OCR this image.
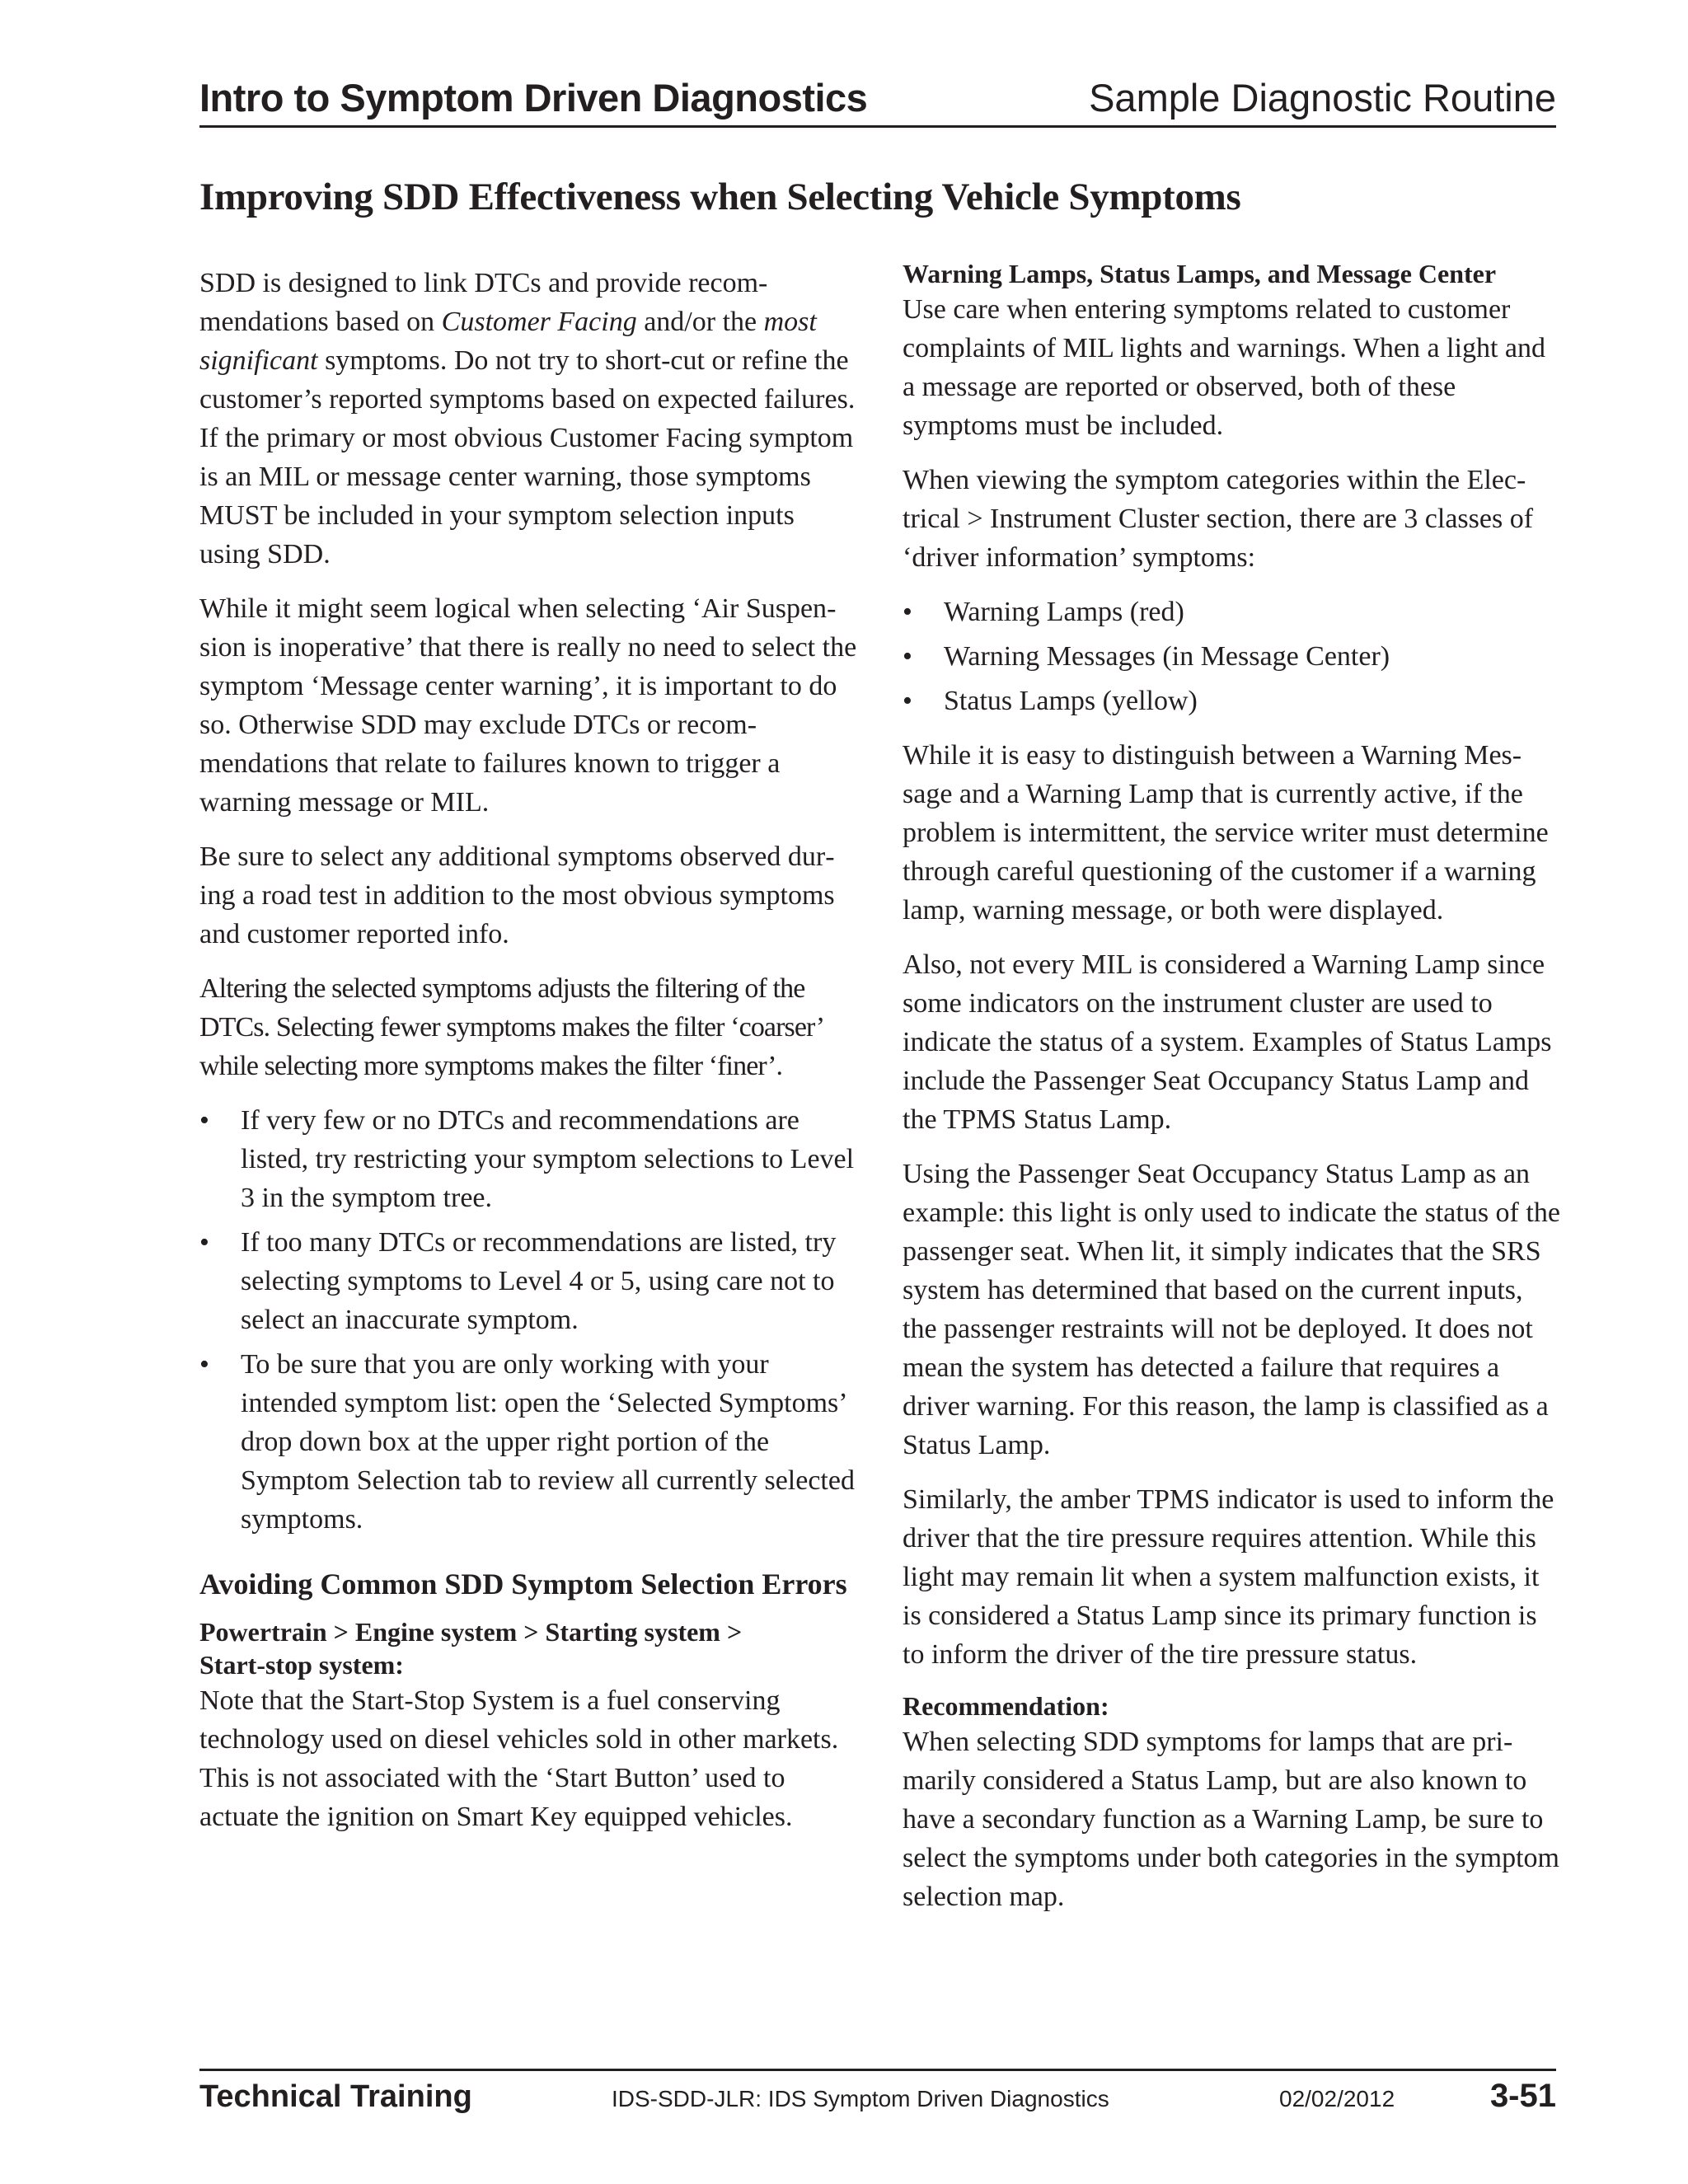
Intro to Symptom Driven Diagnostics	Sample Diagnostic Routine
Improving SDD Effectiveness when Selecting Vehicle Symptoms

SDD is designed to link DTCs and provide recommendations based on Customer Facing and/or the most significant symptoms. Do not try to short-cut or refine the customer’s reported symptoms based on expected failures. If the primary or most obvious Customer Facing symptom is an MIL or message center warning, those symptoms MUST be included in your symptom selection inputs using SDD.

While it might seem logical when selecting ‘Air Suspension is inoperative’ that there is really no need to select the symptom ‘Message center warning’, it is important to do so. Otherwise SDD may exclude DTCs or recommendations that relate to failures known to trigger a warning message or MIL.

Be sure to select any additional symptoms observed during a road test in addition to the most obvious symptoms and customer reported info.

Altering the selected symptoms adjusts the filtering of the DTCs. Selecting fewer symptoms makes the filter ‘coarser’ while selecting more symptoms makes the filter ‘finer’.

• If very few or no DTCs and recommendations are listed, try restricting your symptom selections to Level 3 in the symptom tree.
• If too many DTCs or recommendations are listed, try selecting symptoms to Level 4 or 5, using care not to select an inaccurate symptom.
• To be sure that you are only working with your intended symptom list: open the ‘Selected Symptoms’ drop down box at the upper right portion of the Symptom Selection tab to review all currently selected symptoms.
Avoiding Common SDD Symptom Selection Errors
Powertrain > Engine system > Starting system >
Start-stop system:

Note that the Start-Stop System is a fuel conserving technology used on diesel vehicles sold in other markets. This is not associated with the ‘Start Button’ used to actuate the ignition on Smart Key equipped vehicles.

Warning Lamps, Status Lamps, and Message Center

Use care when entering symptoms related to customer complaints of MIL lights and warnings. When a light and a message are reported or observed, both of these symptoms must be included.

When viewing the symptom categories within the Electrical > Instrument Cluster section, there are 3 classes of ‘driver information’ symptoms:

• Warning Lamps (red)
• Warning Messages (in Message Center)
• Status Lamps (yellow)

While it is easy to distinguish between a Warning Message and a Warning Lamp that is currently active, if the problem is intermittent, the service writer must determine through careful questioning of the customer if a warning lamp, warning message, or both were displayed.

Also, not every MIL is considered a Warning Lamp since some indicators on the instrument cluster are used to indicate the status of a system. Examples of Status Lamps include the Passenger Seat Occupancy Status Lamp and the TPMS Status Lamp.

Using the Passenger Seat Occupancy Status Lamp as an example: this light is only used to indicate the status of the passenger seat. When lit, it simply indicates that the SRS system has determined that based on the current inputs, the passenger restraints will not be deployed. It does not mean the system has detected a failure that requires a driver warning. For this reason, the lamp is classified as a Status Lamp.

Similarly, the amber TPMS indicator is used to inform the driver that the tire pressure requires attention. While this light may remain lit when a system malfunction exists, it is considered a Status Lamp since its primary function is to inform the driver of the tire pressure status.

Recommendation:

When selecting SDD symptoms for lamps that are primarily considered a Status Lamp, but are also known to have a secondary function as a Warning Lamp, be sure to select the symptoms under both categories in the symptom selection map.

Technical Training	IDS-SDD-JLR: IDS Symptom Driven Diagnostics	02/02/2012	3-51
